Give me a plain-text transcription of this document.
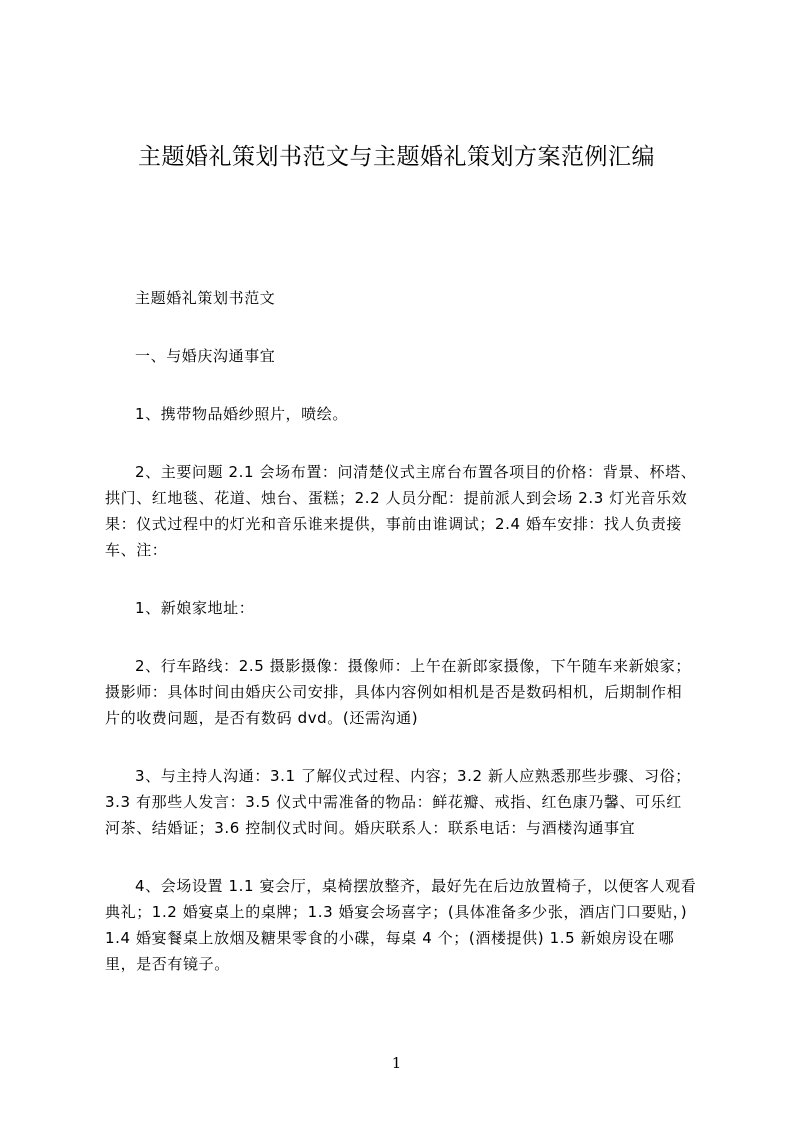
主题婚礼策划书范文与主题婚礼策划方案范例汇编

主题婚礼策划书范文

一、与婚庆沟通事宜

1、携带物品婚纱照片，喷绘。

2、主要问题 2.1 会场布置：问清楚仪式主席台布置各项目的价格：背景、杯塔、拱门、红地毯、花道、烛台、蛋糕；2.2 人员分配：提前派人到会场 2.3 灯光音乐效果：仪式过程中的灯光和音乐谁来提供，事前由谁调试；2.4 婚车安排：找人负责接车、注：

1、新娘家地址：

2、行车路线：2.5 摄影摄像：摄像师：上午在新郎家摄像，下午随车来新娘家；摄影师：具体时间由婚庆公司安排，具体内容例如相机是否是数码相机，后期制作相片的收费问题，是否有数码 dvd。(还需沟通)

3、与主持人沟通：3.1 了解仪式过程、内容；3.2 新人应熟悉那些步骤、习俗；3.3 有那些人发言：3.5 仪式中需准备的物品：鲜花瓣、戒指、红色康乃馨、可乐红河茶、结婚证；3.6 控制仪式时间。婚庆联系人：联系电话：与酒楼沟通事宜

4、会场设置 1.1 宴会厅，桌椅摆放整齐，最好先在后边放置椅子，以便客人观看典礼；1.2 婚宴桌上的桌牌；1.3 婚宴会场喜字；(具体准备多少张，酒店门口要贴，) 1.4 婚宴餐桌上放烟及糖果零食的小碟，每桌 4 个；(酒楼提供) 1.5 新娘房设在哪里，是否有镜子。

1
